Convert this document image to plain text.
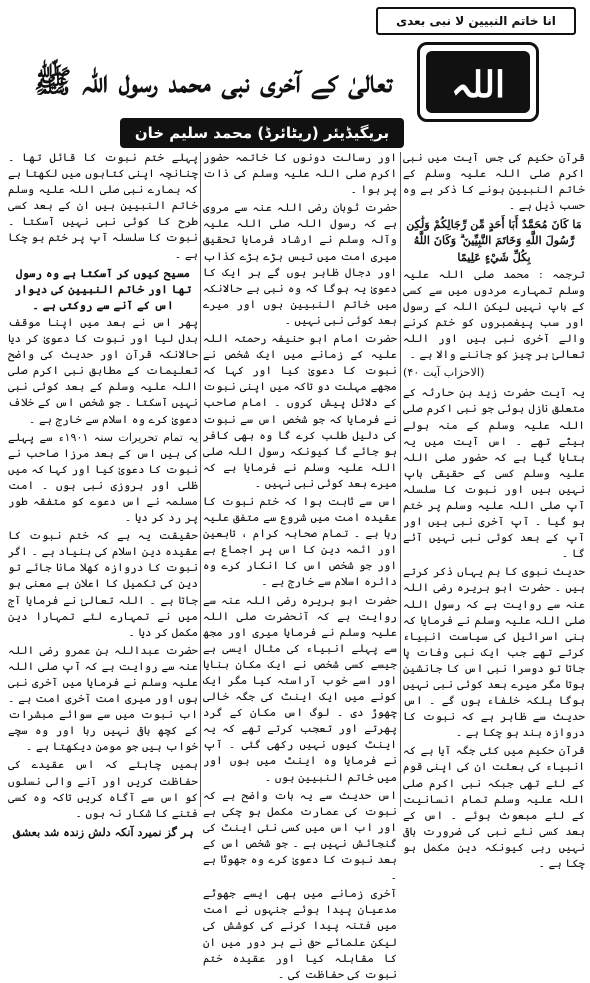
انا خاتم النبیین لا نبی بعدی
اللہ
تعالیٰ کے آخری نبی محمد رسول اللہ ﷺ
بریگیڈیئر (ریٹائرڈ) محمد سلیم خان

قرآن حکیم کی جس آیت میں نبی اکرم صلی اللہ علیہ وسلم کے خاتم النبیین ہونے کا ذکر ہے وہ حسب ذیل ہے ۔

مَا كَانَ مُحَمَّدٌ أَبَا أَحَدٍ مِّن رِّجَالِكُمْ وَلَٰكِن رَّسُولَ اللَّهِ وَخَاتَمَ النَّبِيِّينَ ۗ وَكَانَ اللَّهُ بِكُلِّ شَيْءٍ عَلِيمًا

ترجمہ : محمد صلی اللہ علیہ وسلم تمہارے مردوں میں سے کسی کے باپ نہیں لیکن اللہ کے رسول اور سب پیغمبروں کو ختم کرنے والے آخری نبی ہیں اور اللہ تعالیٰ ہر چیز کو جاننے والا ہے ۔

(الاحزاب آیت ۴۰)

یہ آیت حضرت زید بن حارثہ کے متعلق نازل ہوئی جو نبی اکرم صلی اللہ علیہ وسلم کے منہ بولے بیٹے تھے ۔ اس آیت میں یہ بتایا گیا ہے کہ حضور صلی اللہ علیہ وسلم کسی کے حقیقی باپ نہیں ہیں اور نبوت کا سلسلہ آپ صلی اللہ علیہ وسلم پر ختم ہو گیا ۔ آپ آخری نبی ہیں اور آپ کے بعد کوئی نبی نہیں آئے گا ۔

حدیث نبوی کا ہم یہاں ذکر کرتے ہیں ۔ حضرت ابو ہریرہ رضی اللہ عنہ سے روایت ہے کہ رسول اللہ صلی اللہ علیہ وسلم نے فرمایا کہ بنی اسرائیل کی سیاست انبیاء کرتے تھے جب ایک نبی وفات پا جاتا تو دوسرا نبی اس کا جانشین ہوتا مگر میرے بعد کوئی نبی نہیں ہوگا بلکہ خلفاء ہوں گے ۔ اس حدیث سے ظاہر ہے کہ نبوت کا دروازہ بند ہو چکا ہے ۔

قرآن حکیم میں کئی جگہ آیا ہے کہ انبیاء کی بعثت ان کی اپنی قوم کے لئے تھی جبکہ نبی اکرم صلی اللہ علیہ وسلم تمام انسانیت کے لئے مبعوث ہوئے ۔ اس کے بعد کسی نئے نبی کی ضرورت باقی نہیں رہی کیونکہ دین مکمل ہو چکا ہے ۔

اور رسالت دونوں کا خاتمہ حضور اکرم صلی اللہ علیہ وسلم کی ذات پر ہوا ۔

حضرت ثوبان رضی اللہ عنہ سے مروی ہے کہ رسول اللہ صلی اللہ علیہ وآلہ وسلم نے ارشاد فرمایا تحقیق میری امت میں تیس بڑے بڑے کذاب اور دجال ظاہر ہوں گے ہر ایک کا دعویٰ یہ ہوگا کہ وہ نبی ہے حالانکہ میں خاتم النبیین ہوں اور میرے بعد کوئی نبی نہیں ۔

حضرت امام ابو حنیفہ رحمتہ اللہ علیہ کے زمانے میں ایک شخص نے نبوت کا دعویٰ کیا اور کہا کہ مجھے مہلت دو تاکہ میں اپنی نبوت کے دلائل پیش کروں ۔ امام صاحب نے فرمایا کہ جو شخص اس سے نبوت کی دلیل طلب کرے گا وہ بھی کافر ہو جائے گا کیونکہ رسول اللہ صلی اللہ علیہ وسلم نے فرمایا ہے کہ میرے بعد کوئی نبی نہیں ۔

اس سے ثابت ہوا کہ ختم نبوت کا عقیدہ امت میں شروع سے متفق علیہ رہا ہے ۔ تمام صحابہ کرام ، تابعین اور ائمہ دین کا اس پر اجماع ہے اور جو شخص اس کا انکار کرے وہ دائرہ اسلام سے خارج ہے ۔

حضرت ابو ہریرہ رضی اللہ عنہ سے روایت ہے کہ آنحضرت صلی اللہ علیہ وسلم نے فرمایا میری اور مجھ سے پہلے انبیاء کی مثال ایسی ہے جیسے کسی شخص نے ایک مکان بنایا اور اسے خوب آراستہ کیا مگر ایک کونے میں ایک اینٹ کی جگہ خالی چھوڑ دی ۔ لوگ اس مکان کے گرد پھرتے اور تعجب کرتے تھے کہ یہ اینٹ کیوں نہیں رکھی گئی ۔ آپ نے فرمایا وہ اینٹ میں ہوں اور میں خاتم النبیین ہوں ۔

اس حدیث سے یہ بات واضح ہے کہ نبوت کی عمارت مکمل ہو چکی ہے اور اب اس میں کسی نئی اینٹ کی گنجائش نہیں ہے ۔ جو شخص اس کے بعد نبوت کا دعویٰ کرے وہ جھوٹا ہے ۔

آخری زمانے میں بھی ایسے جھوٹے مدعیان پیدا ہوئے جنہوں نے امت میں فتنہ پیدا کرنے کی کوشش کی لیکن علمائے حق نے ہر دور میں ان کا مقابلہ کیا اور عقیدہ ختم نبوت کی حفاظت کی ۔

پہلے ختم نبوت کا قائل تھا ۔ چنانچہ اپنی کتابوں میں لکھتا ہے کہ ہمارے نبی صلی اللہ علیہ وسلم خاتم النبیین ہیں ان کے بعد کسی طرح کا کوئی نبی نہیں آسکتا ۔ نبوت کا سلسلہ آپ پر ختم ہو چکا ہے ۔

مسیح کیوں کر آسکتا ہے وہ رسول تھا اور خاتم النبیین کی دیوار اس کے آنے سے روکتی ہے ۔

پھر اس نے بعد میں اپنا موقف بدل لیا اور نبوت کا دعویٰ کر دیا حالانکہ قرآن اور حدیث کی واضح تعلیمات کے مطابق نبی اکرم صلی اللہ علیہ وسلم کے بعد کوئی نبی نہیں آسکتا ۔ جو شخص اس کے خلاف دعویٰ کرے وہ اسلام سے خارج ہے ۔

یہ تمام تحریرات سنہ ۱۹۰۱ء سے پہلے کی ہیں اس کے بعد مرزا صاحب نے نبوت کا دعویٰ کیا اور کہا کہ میں ظلی اور بروزی نبی ہوں ۔ امت مسلمہ نے اس دعوے کو متفقہ طور پر رد کر دیا ۔

حقیقت یہ ہے کہ ختم نبوت کا عقیدہ دین اسلام کی بنیاد ہے ۔ اگر نبوت کا دروازہ کھلا مانا جائے تو دین کی تکمیل کا اعلان بے معنی ہو جاتا ہے ۔ اللہ تعالیٰ نے فرمایا آج میں نے تمہارے لئے تمہارا دین مکمل کر دیا ۔

حضرت عبداللہ بن عمرو رضی اللہ عنہ سے روایت ہے کہ آپ صلی اللہ علیہ وسلم نے فرمایا میں آخری نبی ہوں اور میری امت آخری امت ہے ۔ اب نبوت میں سے سوائے مبشرات کے کچھ باقی نہیں رہا اور وہ سچے خواب ہیں جو مومن دیکھتا ہے ۔

ہمیں چاہئے کہ اس عقیدے کی حفاظت کریں اور آنے والی نسلوں کو اس سے آگاہ کریں تاکہ وہ کسی فتنے کا شکار نہ ہوں ۔

ہر گز نمیرد آنکہ دلش زندہ شد بعشق
